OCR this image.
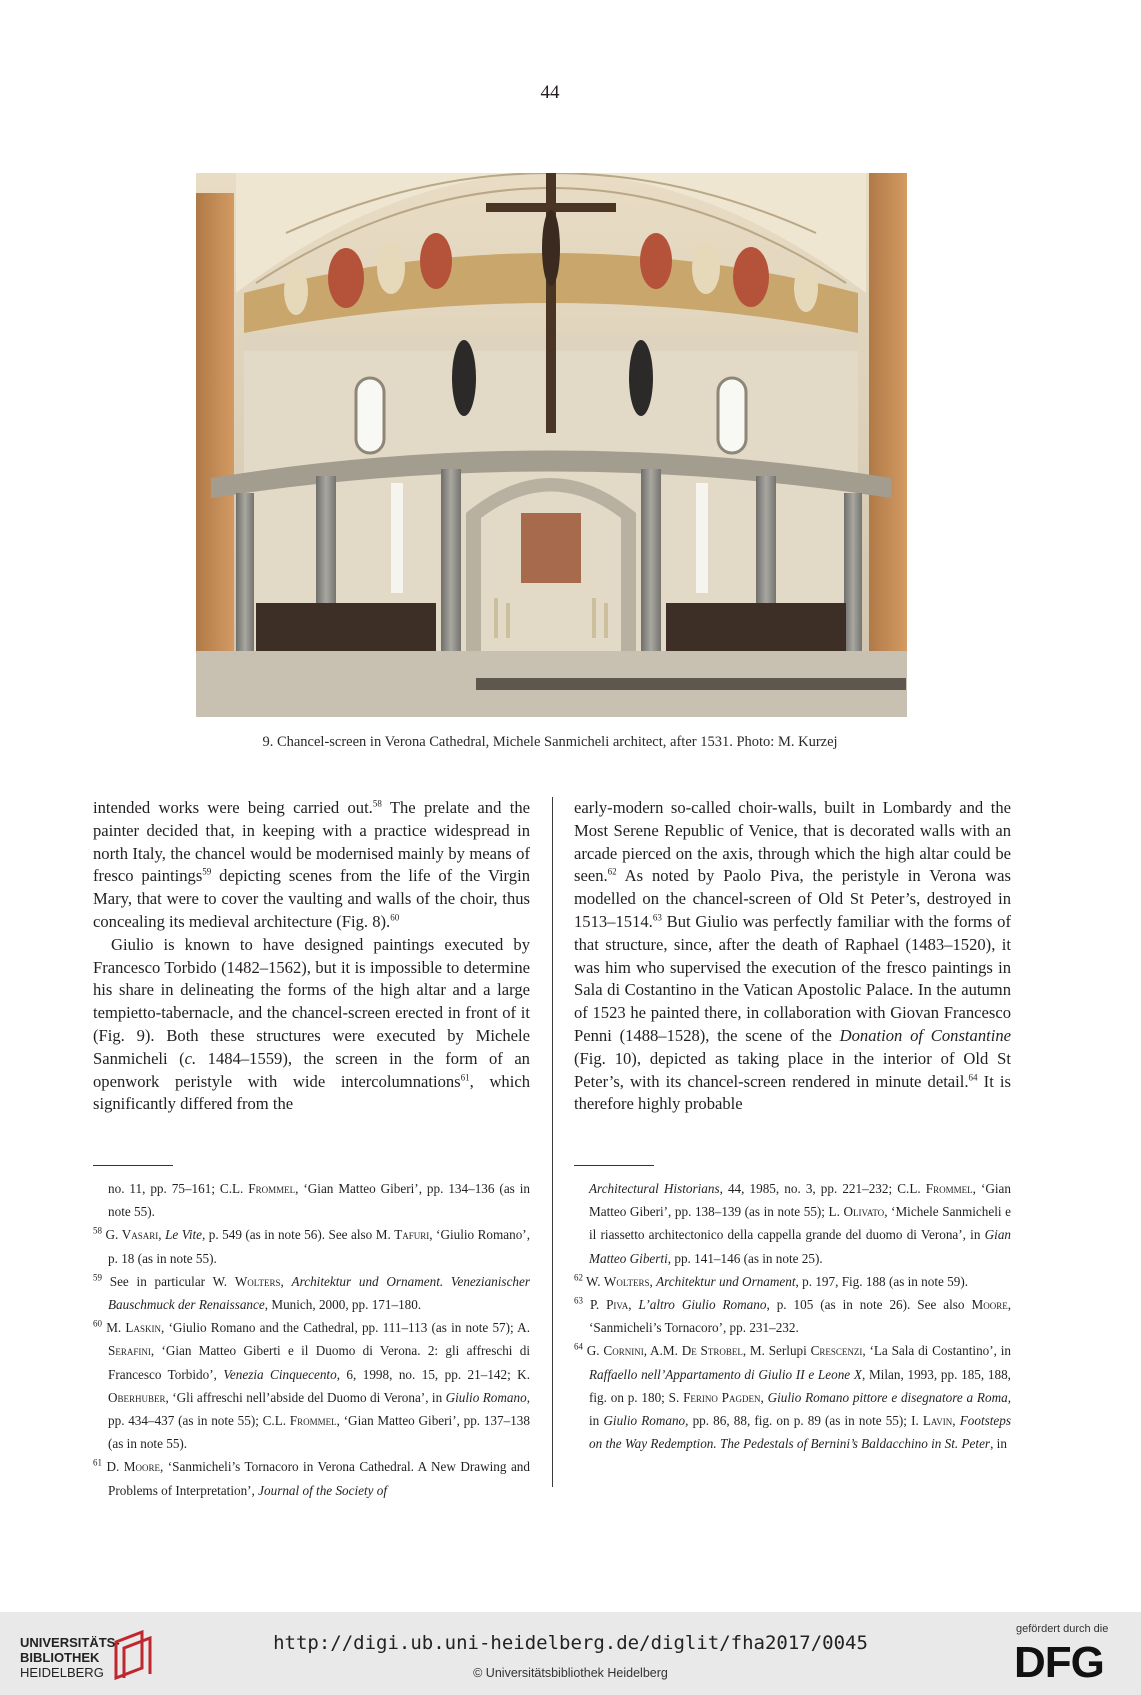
44
9. Chancel-screen in Verona Cathedral, Michele Sanmicheli architect, after 1531. Photo: M. Kurzej

intended works were being carried out.$^{58}$ The prelate and the painter decided that, in keeping with a practice widespread in north Italy, the chancel would be modernised mainly by means of fresco paintings$^{59}$ depicting scenes from the life of the Virgin Mary, that were to cover the vaulting and walls of the choir, thus concealing its medieval architecture (Fig. 8).$^{60}$

Giulio is known to have designed paintings executed by Francesco Torbido (1482–1562), but it is impossible to determine his share in delineating the forms of the high altar and a large tempietto-tabernacle, and the chancel-screen erected in front of it (Fig. 9). Both these structures were executed by Michele Sanmicheli (c. 1484–1559), the screen in the form of an openwork peristyle with wide intercolumnations$^{61}$, which significantly differed from the

early-modern so-called choir-walls, built in Lombardy and the Most Serene Republic of Venice, that is decorated walls with an arcade pierced on the axis, through which the high altar could be seen.$^{62}$ As noted by Paolo Piva, the peristyle in Verona was modelled on the chancel-screen of Old St Peter’s, destroyed in 1513–1514.63 But Giulio was perfectly familiar with the forms of that structure, since, after the death of Raphael (1483–1520), it was him who supervised the execution of the fresco paintings in Sala di Costantino in the Vatican Apostolic Palace. In the autumn of 1523 he painted there, in collaboration with Giovan Francesco Penni (1488–1528), the scene of the Donation of Constantine (Fig. 10), depicted as taking place in the interior of Old St Peter’s, with its chancel-screen rendered in minute detail.$^{64}$ It is therefore highly probable

no. 11, pp. 75–161; C.L. Frommel, ‘Gian Matteo Giberi’, pp. 134–136 (as in note 55).

$^{58}$ G. Vasari, Le Vite, p. 549 (as in note 56). See also M. Tafuri, ‘Giulio Romano’, p. 18 (as in note 55).

$^{59}$ See in particular W. Wolters, Architektur und Ornament. Venezianischer Bauschmuck der Renaissance, Munich, 2000, pp. 171–180.

$^{60}$ M. Laskin, ‘Giulio Romano and the Cathedral, pp. 111–113 (as in note 57); A. Serafini, ‘Gian Matteo Giberti e il Duomo di Verona. 2: gli affreschi di Francesco Torbido’, Venezia Cinquecento, 6, 1998, no. 15, pp. 21–142; K. Oberhuber, ‘Gli affreschi nell’abside del Duomo di Verona’, in Giulio Romano, pp. 434–437 (as in note 55); C.L. Frommel, ‘Gian Matteo Giberi’, pp. 137–138 (as in note 55).

$^{61}$ D. Moore, ‘Sanmicheli’s Tornacoro in Verona Cathedral. A New Drawing and Problems of Interpretation’, Journal of the Society of

Architectural Historians, 44, 1985, no. 3, pp. 221–232; C.L. Frommel, ‘Gian Matteo Giberi’, pp. 138–139 (as in note 55); L. Olivato, ‘Michele Sanmicheli e il riassetto architectonico della cappella grande del duomo di Verona’, in Gian Matteo Giberti, pp. 141–146 (as in note 25).

$^{62}$ W. Wolters, Architektur und Ornament, p. 197, Fig. 188 (as in note 59).

$^{63}$ P. Piva, L’altro Giulio Romano, p. 105 (as in note 26). See also Moore, ‘Sanmicheli’s Tornacoro’, pp. 231–232.

$^{64}$ G. Cornini, A.M. De Strobel, M. Serlupi Crescenzi, ‘La Sala di Costantino’, in Raffaello nell’Appartamento di Giulio II e Leone X, Milan, 1993, pp. 185, 188, fig. on p. 180; S. Ferino Pagden, Giulio Romano pittore e disegnatore a Roma, in Giulio Romano, pp. 86, 88, fig. on p. 89 (as in note 55); I. Lavin, Footsteps on the Way Redemption. The Pedestals of Bernini’s Baldacchino in St. Peter, in

UNIVERSITÄTS-
BIBLIOTHEK
HEIDELBERG
http://digi.ub.uni-heidelberg.de/diglit/fha2017/0045
© Universitätsbibliothek Heidelberg
gefördert durch die
DFG
